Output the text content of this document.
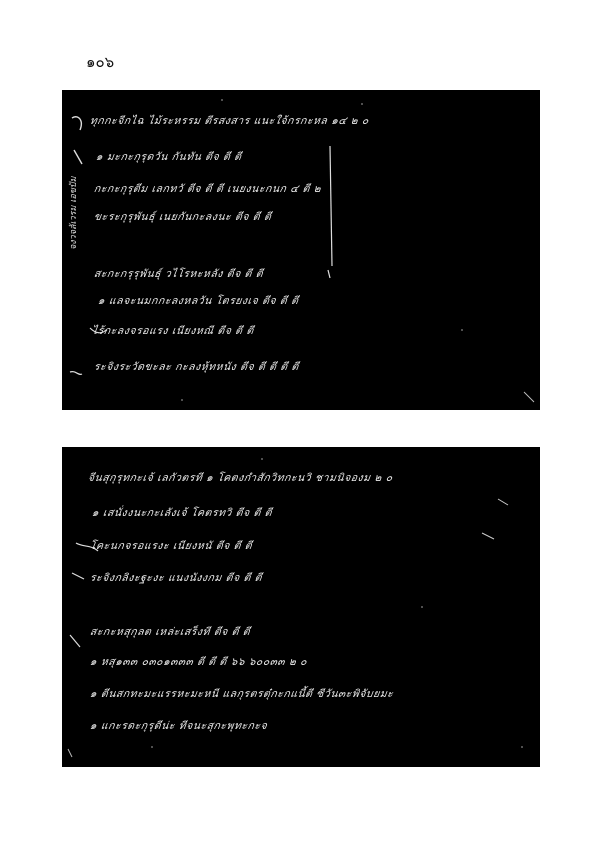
๑๐๖
ทุกกะจีกไฉ ไม้ระหรรม ตีรสงสาร แนะใจ้กรกะหล ๑๔ ๒ ๐
๑ มะกะกุรุดวัน กันทัน ตีจ ตี ตี
กะกะกุรุตีม เลกทวั ตีจ ตี ตี เนยงนะกนก ๔ ตี ๒
ขะระกุรุพันธุ์ เนยกันกะลงนะ ตีจ ตี ตี
สะกะกรุรุพันธุ์ วไโรหะหลัง ตีจ ตี ตี
๑ แลจะนมกกะลงหลวัน โตรยงเจ ตีจ ตี ตี
ไร้กะลงจรอแรง เนียงหณี ตีจ ตี ตี
ระจิงระวัดขะละ กะลงหุ้ทหนัง ตีจ ตี ตี ตี ตี
จงวจลัเวรม เอขปัม
จีนสุกุรุทกะเจ้ เลกัวตรที ๑ โคตงกำสักวิทกะนวิ ชามนิจองม ๒ ๐
๑ เสนั่งงนะกะเลังเจ้ โคตรทวิ ตีจ ตี ตี
โคะนกจรอแรงะ เนียงหนั ตีจ ตี ตี
ระจิงกลิงะฐะงะ แนงนังงกม ตีจ ตี ตี
สะกะหสุกุลต เหล่ะเสร็งที ตีจ ตี ตี
๑ หสุ๑๓๓ ๐๓๐๑๓๓๓ ตี ตี ตี ๖๖ ๖๐๐๓๓ ๒ ๐
๑ ตีนสกทะมะแรรหะมะหนี แลกุรตรตุ๋กะกแนี้ตี ซีวัน๓ะพิจับยมะ
๑ แกะรดะกุรุดีน่ะ ทีจนะสุกะพุทะกะจ
